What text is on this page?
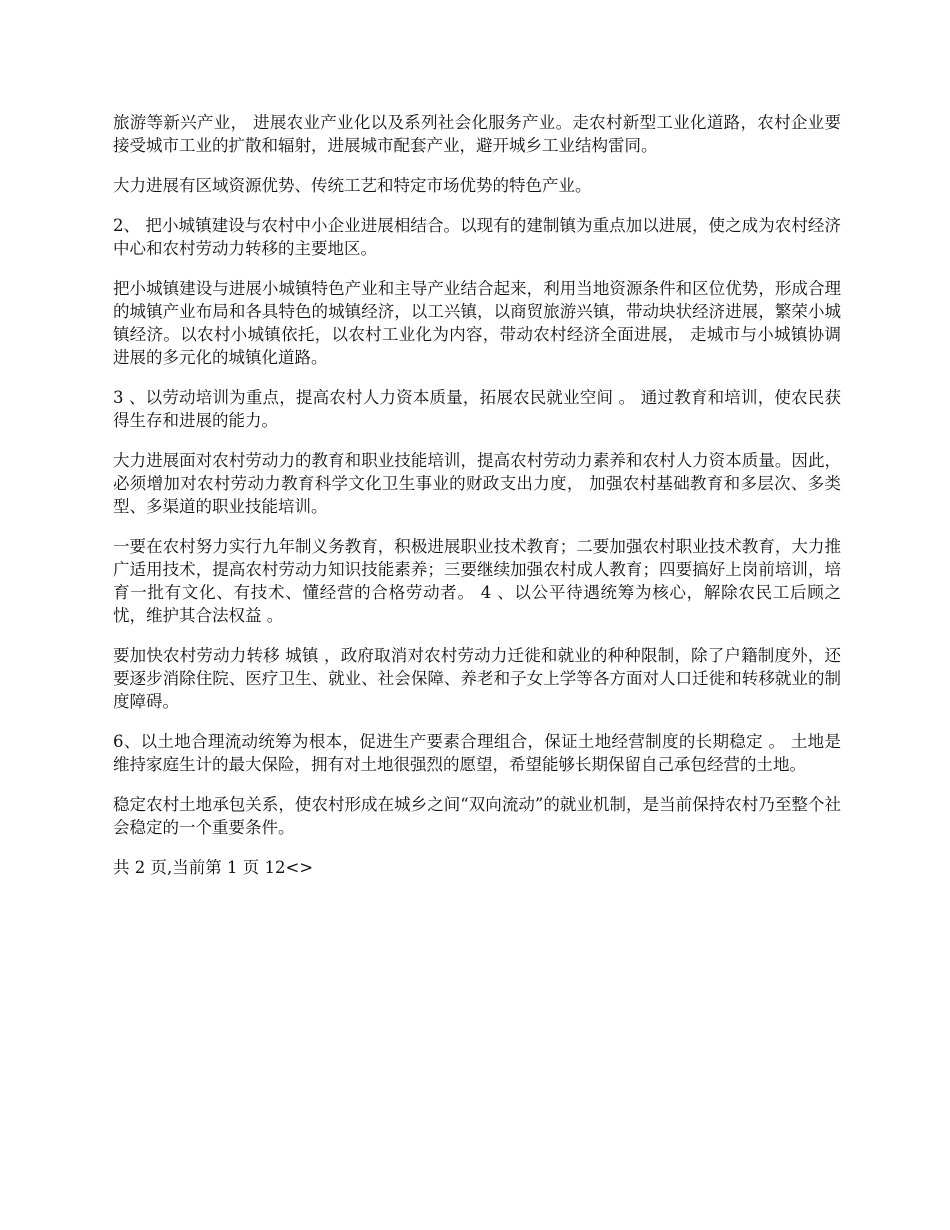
旅游等新兴产业， 进展农业产业化以及系列社会化服务产业。走农村新型工业化道路，农村企业要接受城市工业的扩散和辐射，进展城市配套产业，避开城乡工业结构雷同。

大力进展有区域资源优势、传统工艺和特定市场优势的特色产业。

2、 把小城镇建设与农村中小企业进展相结合。以现有的建制镇为重点加以进展，使之成为农村经济中心和农村劳动力转移的主要地区。

把小城镇建设与进展小城镇特色产业和主导产业结合起来，利用当地资源条件和区位优势，形成合理的城镇产业布局和各具特色的城镇经济，以工兴镇，以商贸旅游兴镇，带动块状经济进展，繁荣小城镇经济。以农村小城镇依托，以农村工业化为内容，带动农村经济全面进展， 走城市与小城镇协调进展的多元化的城镇化道路。

3 、以劳动培训为重点，提高农村人力资本质量，拓展农民就业空间 。 通过教育和培训，使农民获得生存和进展的能力。

大力进展面对农村劳动力的教育和职业技能培训，提高农村劳动力素养和农村人力资本质量。因此，必须增加对农村劳动力教育科学文化卫生事业的财政支出力度， 加强农村基础教育和多层次、多类型、多渠道的职业技能培训。

一要在农村努力实行九年制义务教育，积极进展职业技术教育；二要加强农村职业技术教育，大力推广适用技术，提高农村劳动力知识技能素养；三要继续加强农村成人教育；四要搞好上岗前培训，培育一批有文化、有技术、懂经营的合格劳动者。 4 、以公平待遇统筹为核心，解除农民工后顾之忧，维护其合法权益 。

要加快农村劳动力转移 城镇 ，政府取消对农村劳动力迁徙和就业的种种限制，除了户籍制度外，还要逐步消除住院、医疗卫生、就业、社会保障、养老和子女上学等各方面对人口迁徙和转移就业的制度障碍。

6、以土地合理流动统筹为根本，促进生产要素合理组合，保证土地经营制度的长期稳定 。 土地是维持家庭生计的最大保险，拥有对土地很强烈的愿望，希望能够长期保留自己承包经营的土地。

稳定农村土地承包关系，使农村形成在城乡之间“双向流动”的就业机制，是当前保持农村乃至整个社会稳定的一个重要条件。

共 2 页,当前第 1 页 12<>
